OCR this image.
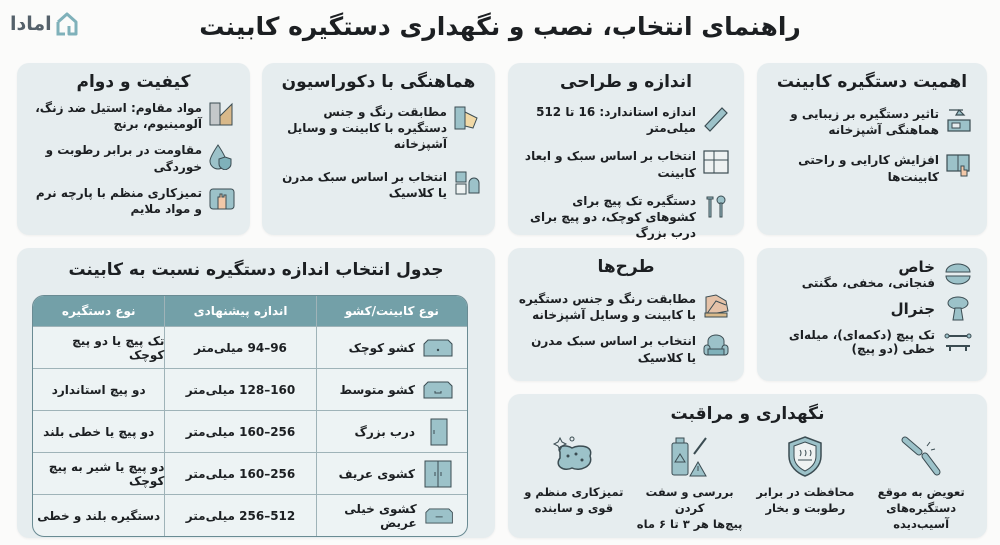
امادا	راهنمای انتخاب، نصب و نگهداری دستگیره کابینت
اهمیت دستگیره کابینت
تاثیر دستگیره بر زیبایی و هماهنگی آشپزخانه
افزایش کارایی و راحتی کابینت‌ها
اندازه و طراحی
اندازه استاندارد: 16 تا 512 میلی‌متر
انتخاب بر اساس سبک و ابعاد کابینت
دستگیره تک پیچ برای کشوهای کوچک، دو پیچ برای درب بزرگ
هماهنگی با دکوراسیون
مطابقت رنگ و جنس دستگیره با کابینت و وسایل آشپزخانه
انتخاب بر اساس سبک مدرن یا کلاسیک
کیفیت و دوام
مواد مقاوم: استیل ضد زنگ، آلومینیوم، برنج
مقاومت در برابر رطوبت و خوردگی
تمیزکاری منظم با پارچه نرم و مواد ملایم
جدول انتخاب اندازه دستگیره نسبت به کابینت
نوع کابینت/کشو
اندازه پیشنهادی
نوع دستگیره
کشو کوچک
96–94 میلی‌متر
تک پیچ یا دو پیچ کوچک
کشو متوسط
160–128 میلی‌متر
دو پیچ استاندارد
درب بزرگ
256–160 میلی‌متر
دو پیچ یا خطی بلند
کشوی عریف
256–160 میلی‌متر
دو پیچ یا شیر به پیچ کوچک
کشوی خیلی عریض
512–256 میلی‌متر
دستگیره بلند و خطی
طرح‌ها
مطابقت رنگ و جنس دستگیره با کابینت و وسایل آشپزخانه
انتخاب بر اساس سبک مدرن یا کلاسیک
خاص
فنجانی، مخفی، مگنتی
جنرال
تک پیچ (دکمه‌ای)، میله‌ای
خطی (دو پیچ)
نگهداری و مراقبت
تعویض به موقع
دستگیره‌های آسیب‌دیده
محافظت در برابر
رطوبت و بخار
بررسی و سفت کردن
پیچ‌ها هر ۳ تا ۶ ماه
تمیزکاری منظم و
قوی و ساینده
